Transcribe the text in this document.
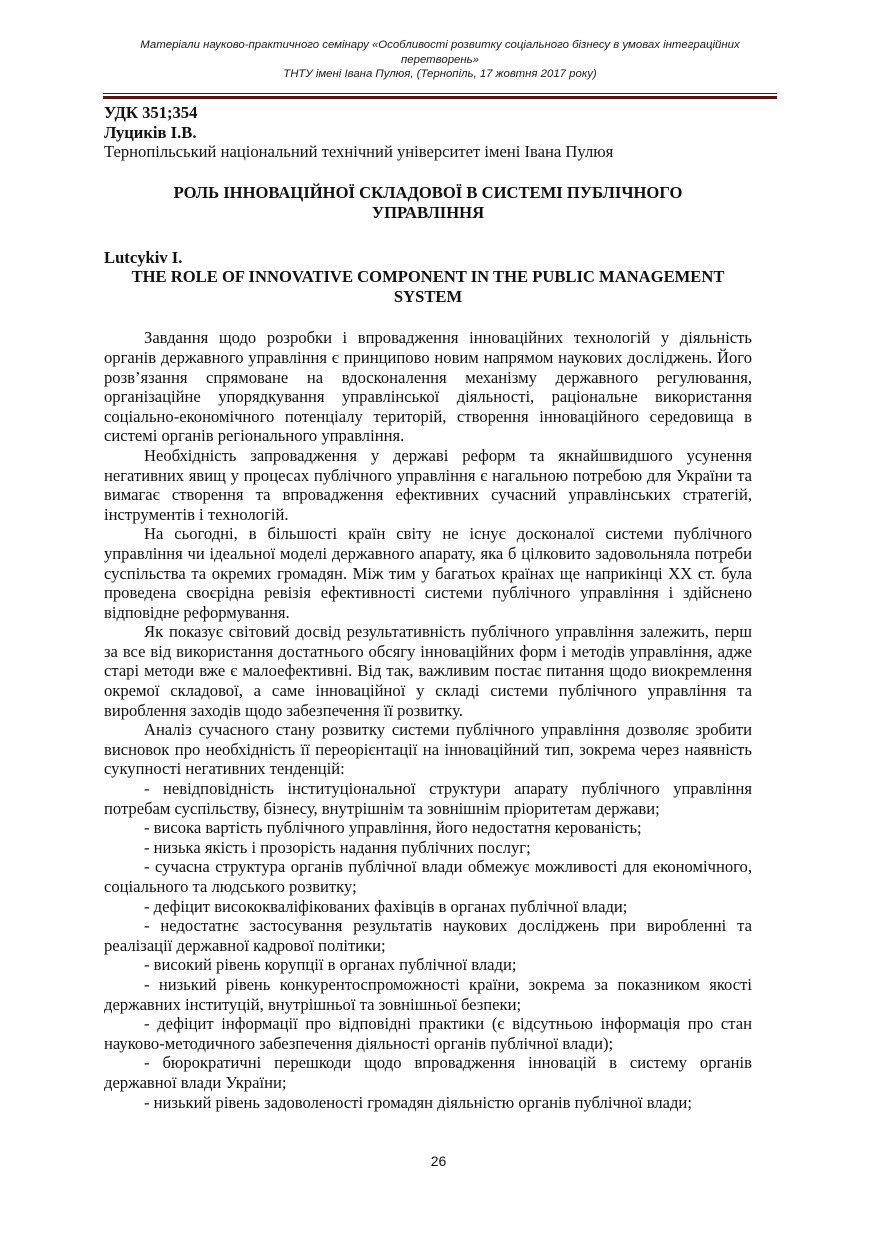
Матеріали науково-практичного семінару «Особливості розвитку соціального бізнесу в умовах інтеграційних
перетворень»
ТНТУ імені Івана Пулюя, (Тернопіль, 17 жовтня 2017 року)

УДК 351;354

Луциків І.В.

Тернопільський національний технічний університет імені Івана Пулюя

РОЛЬ ІННОВАЦІЙНОЇ СКЛАДОВОЇ В СИСТЕМІ ПУБЛІЧНОГО УПРАВЛІННЯ

Lutcykiv I.

THE ROLE OF INNOVATIVE COMPONENT IN THE PUBLIC MANAGEMENT SYSTEM

Завдання щодо розробки і впровадження інноваційних технологій у діяльність органів державного управління є принципово новим напрямом наукових досліджень. Його розв’язання спрямоване на вдосконалення механізму державного регулювання, організаційне упорядкування управлінської діяльності, раціональне використання соціально-економічного потенціалу територій, створення інноваційного середовища в системі органів регіонального управління.

Необхідність запровадження у державі реформ та якнайшвидшого усунення негативних явищ у процесах публічного управління є нагальною потребою для України та вимагає створення та впровадження ефективних сучасний управлінських стратегій, інструментів і технологій.

На сьогодні, в більшості країн світу не існує досконалої системи публічного управління чи ідеальної моделі державного апарату, яка б цілковито задовольняла потреби суспільства та окремих громадян. Між тим у багатьох країнах ще наприкінці XX ст. була проведена своєрідна ревізія ефективності системи публічного управління і здійснено відповідне реформування.

Як показує світовий досвід результативність публічного управління залежить, перш за все від використання достатнього обсягу інноваційних форм і методів управління, адже старі методи вже є малоефективні. Від так, важливим постає питання щодо виокремлення окремої складової, а саме інноваційної у складі системи публічного управління та вироблення заходів щодо забезпечення її розвитку.

Аналіз сучасного стану розвитку системи публічного управління дозволяє зробити висновок про необхідність її переорієнтації на інноваційний тип, зокрема через наявність сукупності негативних тенденцій:

- невідповідність інституціональної структури апарату публічного управління потребам суспільству, бізнесу, внутрішнім та зовнішнім пріоритетам держави;

- висока вартість публічного управління, його недостатня керованість;

- низька якість і прозорість надання публічних послуг;

- сучасна структура органів публічної влади обмежує можливості для економічного, соціального та людського розвитку;

- дефіцит висококваліфікованих фахівців в органах публічної влади;

- недостатнє застосування результатів наукових досліджень при виробленні та реалізації державної кадрової політики;

- високий рівень корупції в органах публічної влади;

- низький рівень конкурентоспроможності країни, зокрема за показником якості державних інституцій, внутрішньої та зовнішньої безпеки;

- дефіцит інформації про відповідні практики (є відсутньою інформація про стан науково-методичного забезпечення діяльності органів публічної влади);

- бюрократичні перешкоди щодо впровадження інновацій в систему органів державної влади України;

- низький рівень задоволеності громадян діяльністю органів публічної влади;

26
